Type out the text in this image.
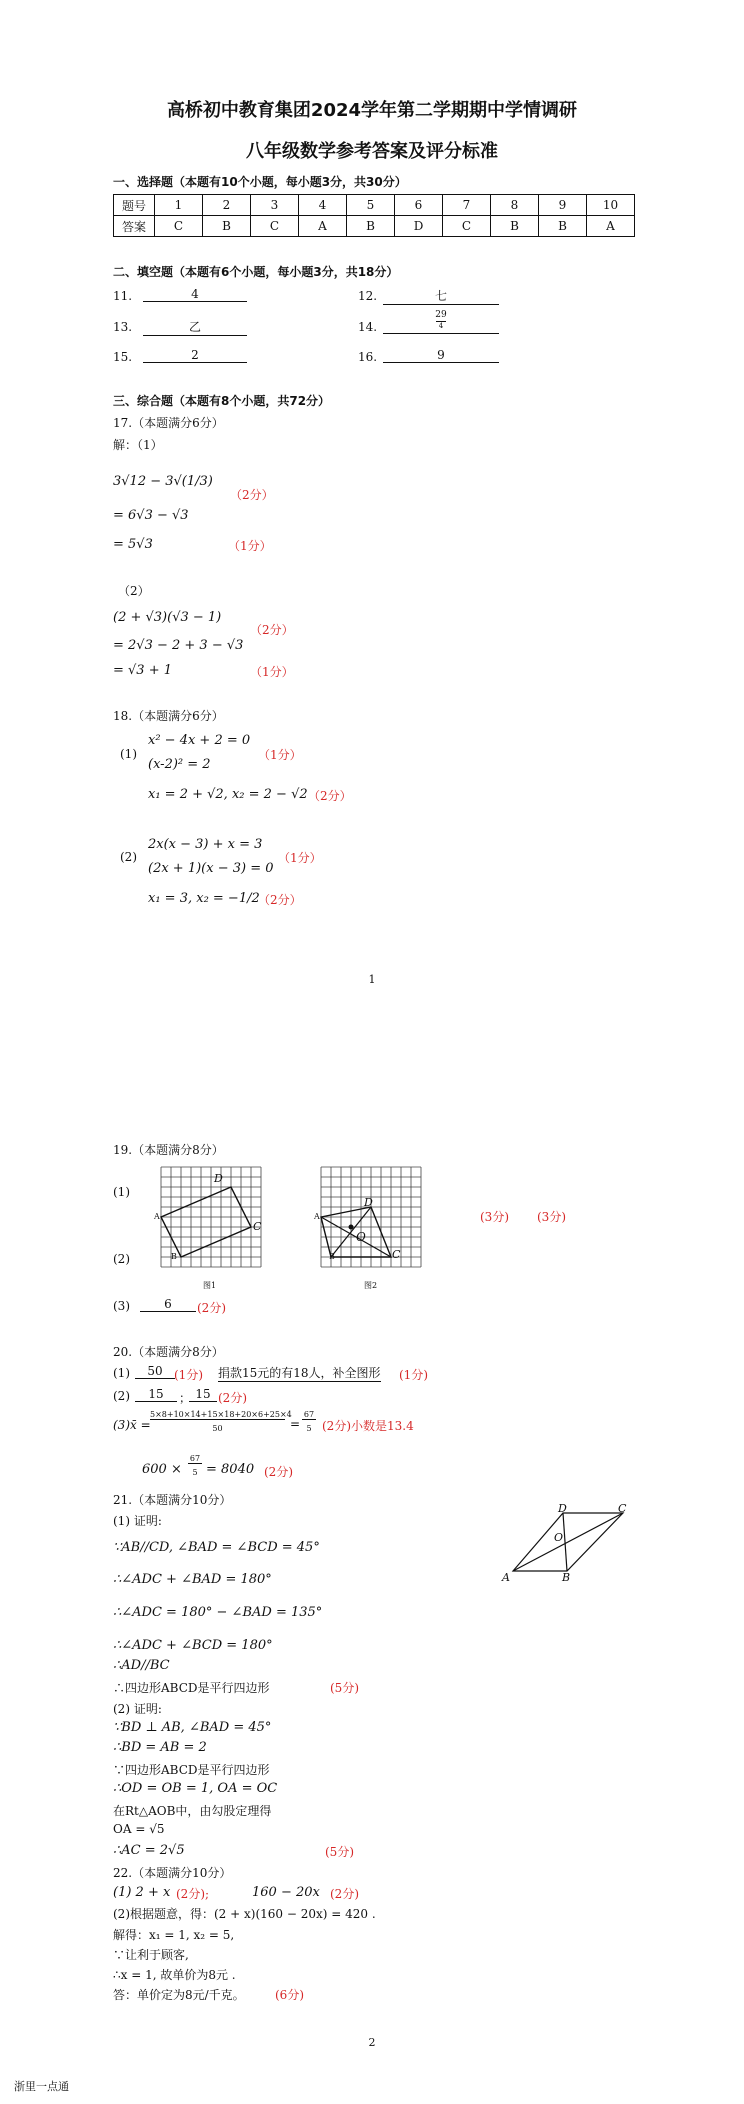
高桥初中教育集团2024学年第二学期期中学情调研
八年级数学参考答案及评分标准
一、选择题（本题有10个小题，每小题3分，共30分）
题号	1	2	3	4	5	6	7	8	9	10
答案	C	B	C	A	B	D	C	B	B	A
二、填空题（本题有6个小题，每小题3分，共18分）
11.	4	12.	七
13.	乙	14.
29
4
15.	2	16.	9
三、综合题（本题有8个小题，共72分）
17.（本题满分6分）
解：（1）
3√12 − 3√(1/3)
（2分）
= 6√3 − √3
= 5√3	（1分）
（2）
(2 + √3)(√3 − 1)
（2分）
= 2√3 − 2 + 3 − √3
= √3 + 1	（1分）
18.（本题满分6分）
(1)
x² − 4x + 2 = 0
（1分）
(x-2)² = 2
x₁ = 2 + √2, x₂ = 2 − √2 （2分）
(2)
2x(x − 3) + x = 3
（1分）
(2x + 1)(x − 3) = 0
x₁ = 3, x₂ = −1/2
（2分）
1
19.（本题满分8分）
(1)
(2)
D
C
A
B
图1
D
O
A
B	C
图2
(3分) (3分)
(3)	6	(2分)
20.（本题满分8分）
(1)	50 (1分) 捐款15元的有18人，补全图形 (1分)
(2)	15	； 15 (2分)
(3)x̄ =
5×8+10×14+15×18+20×6+25×4
50	=
67
5 (2分)小数是13.4
600 ×
67
5 = 8040 (2分)
21.（本题满分10分）
(1) 证明:
∵AB//CD, ∠BAD = ∠BCD = 45°
∴∠ADC + ∠BAD = 180°
∴∠ADC = 180° − ∠BAD = 135°
∴∠ADC + ∠BCD = 180°
∴AD//BC
∴四边形ABCD是平行四边形	(5分)
(2) 证明:
∵BD ⊥ AB, ∠BAD = 45°
∴BD = AB = 2
∵四边形ABCD是平行四边形
∴OD = OB = 1, OA = OC
在Rt△AOB中，由勾股定理得
OA = √5
∴AC = 2√5	(5分)
D	C
O
A	B
22.（本题满分10分）
(1) 2 + x (2分);	160 − 20x (2分)
(2)根据题意，得：(2 + x)(160 − 20x) = 420 .
解得：x₁ = 1, x₂ = 5,
∵让利于顾客,
∴x = 1, 故单价为8元 .
答：单价定为8元/千克。	(6分)
2
浙里一点通
